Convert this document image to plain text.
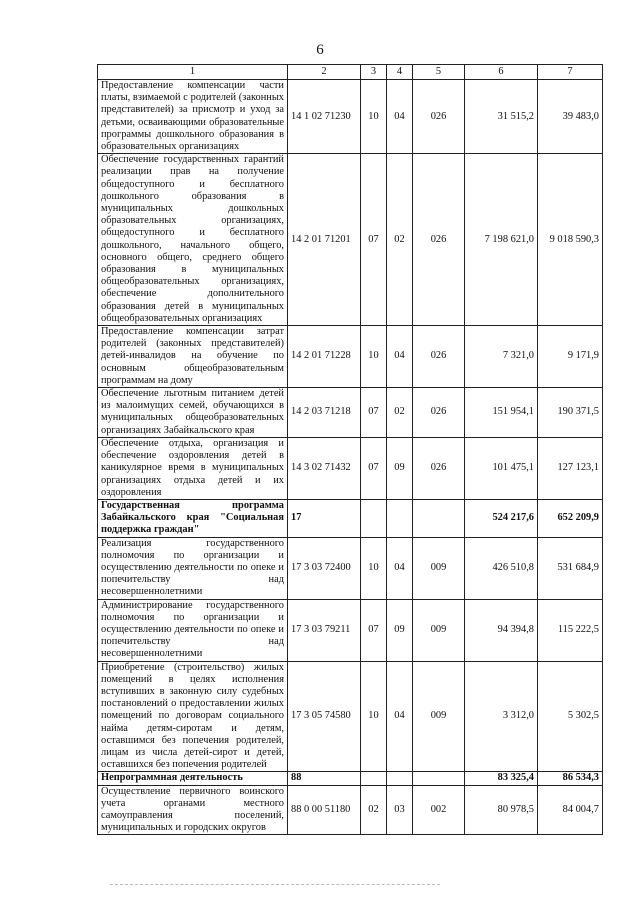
6
1	2	3	4	5	6	7
Предоставление компенсации части платы, взимаемой с родителей (законных представителей) за присмотр и уход за детьми, осваивающими образовательные программы дошкольного образования в образовательных организациях	14 1 02 71230	10	04	026	31 515,2	39 483,0
Обеспечение государственных гарантий реализации прав на получение общедоступного и бесплатного дошкольного образования в муниципальных дошкольных образовательных организациях, общедоступного и бесплатного дошкольного, начального общего, основного общего, среднего общего образования в муниципальных общеобразовательных организациях, обеспечение дополнительного образования детей в муниципальных общеобразовательных организациях	14 2 01 71201	07	02	026	7 198 621,0	9 018 590,3
Предоставление компенсации затрат родителей (законных представителей) детей-инвалидов на обучение по основным общеобразовательным программам на дому	14 2 01 71228	10	04	026	7 321,0	9 171,9
Обеспечение льготным питанием детей из малоимущих семей, обучающихся в муниципальных общеобразовательных организациях Забайкальского края	14 2 03 71218	07	02	026	151 954,1	190 371,5
Обеспечение отдыха, организация и обеспечение оздоровления детей в каникулярное время в муниципальных организациях отдыха детей и их оздоровления	14 3 02 71432	07	09	026	101 475,1	127 123,1
Государственная программа Забайкальского края "Социальная поддержка граждан"	17				524 217,6	652 209,9
Реализация государственного полномочия по организации и осуществлению деятельности по опеке и попечительству над несовершеннолетними	17 3 03 72400	10	04	009	426 510,8	531 684,9
Администрирование государственного полномочия по организации и осуществлению деятельности по опеке и попечительству над несовершеннолетними	17 3 03 79211	07	09	009	94 394,8	115 222,5
Приобретение (строительство) жилых помещений в целях исполнения вступивших в законную силу судебных постановлений о предоставлении жилых помещений по договорам социального найма детям-сиротам и детям, оставшимся без попечения родителей, лицам из числа детей-сирот и детей, оставшихся без попечения родителей	17 3 05 74580	10	04	009	3 312,0	5 302,5
Непрограммная деятельность	88				83 325,4	86 534,3
Осуществление первичного воинского учета органами местного самоуправления поселений, муниципальных и городских округов	88 0 00 51180	02	03	002	80 978,5	84 004,7
